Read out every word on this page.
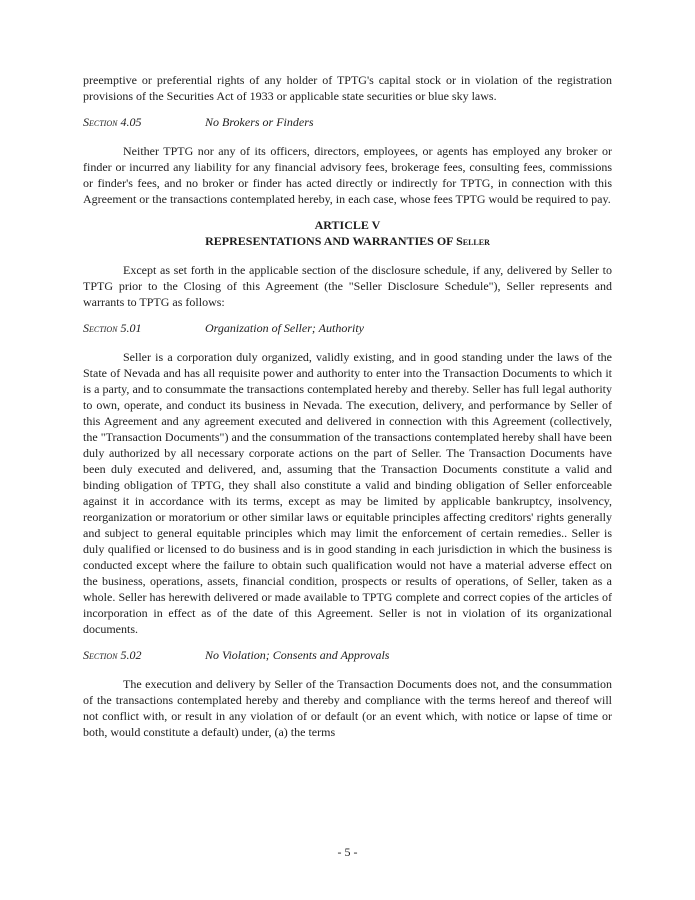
preemptive or preferential rights of any holder of TPTG's capital stock or in violation of the registration provisions of the Securities Act of 1933 or applicable state securities or blue sky laws.

Section 4.05	No Brokers or Finders

Neither TPTG nor any of its officers, directors, employees, or agents has employed any broker or finder or incurred any liability for any financial advisory fees, brokerage fees, consulting fees, commissions or finder's fees, and no broker or finder has acted directly or indirectly for TPTG, in connection with this Agreement or the transactions contemplated hereby, in each case, whose fees TPTG would be required to pay.

ARTICLE V
REPRESENTATIONS AND WARRANTIES OF Seller

Except as set forth in the applicable section of the disclosure schedule, if any, delivered by Seller to TPTG prior to the Closing of this Agreement (the "Seller Disclosure Schedule"), Seller represents and warrants to TPTG as follows:

Section 5.01	Organization of Seller; Authority

Seller is a corporation duly organized, validly existing, and in good standing under the laws of the State of Nevada and has all requisite power and authority to enter into the Transaction Documents to which it is a party, and to consummate the transactions contemplated hereby and thereby. Seller has full legal authority to own, operate, and conduct its business in Nevada. The execution, delivery, and performance by Seller of this Agreement and any agreement executed and delivered in connection with this Agreement (collectively, the "Transaction Documents") and the consummation of the transactions contemplated hereby shall have been duly authorized by all necessary corporate actions on the part of Seller. The Transaction Documents have been duly executed and delivered, and, assuming that the Transaction Documents constitute a valid and binding obligation of TPTG, they shall also constitute a valid and binding obligation of Seller enforceable against it in accordance with its terms, except as may be limited by applicable bankruptcy, insolvency, reorganization or moratorium or other similar laws or equitable principles affecting creditors' rights generally and subject to general equitable principles which may limit the enforcement of certain remedies.. Seller is duly qualified or licensed to do business and is in good standing in each jurisdiction in which the business is conducted except where the failure to obtain such qualification would not have a material adverse effect on the business, operations, assets, financial condition, prospects or results of operations, of Seller, taken as a whole. Seller has herewith delivered or made available to TPTG complete and correct copies of the articles of incorporation in effect as of the date of this Agreement. Seller is not in violation of its organizational documents.

Section 5.02	No Violation; Consents and Approvals

The execution and delivery by Seller of the Transaction Documents does not, and the consummation of the transactions contemplated hereby and thereby and compliance with the terms hereof and thereof will not conflict with, or result in any violation of or default (or an event which, with notice or lapse of time or both, would constitute a default) under, (a) the terms

- 5 -
